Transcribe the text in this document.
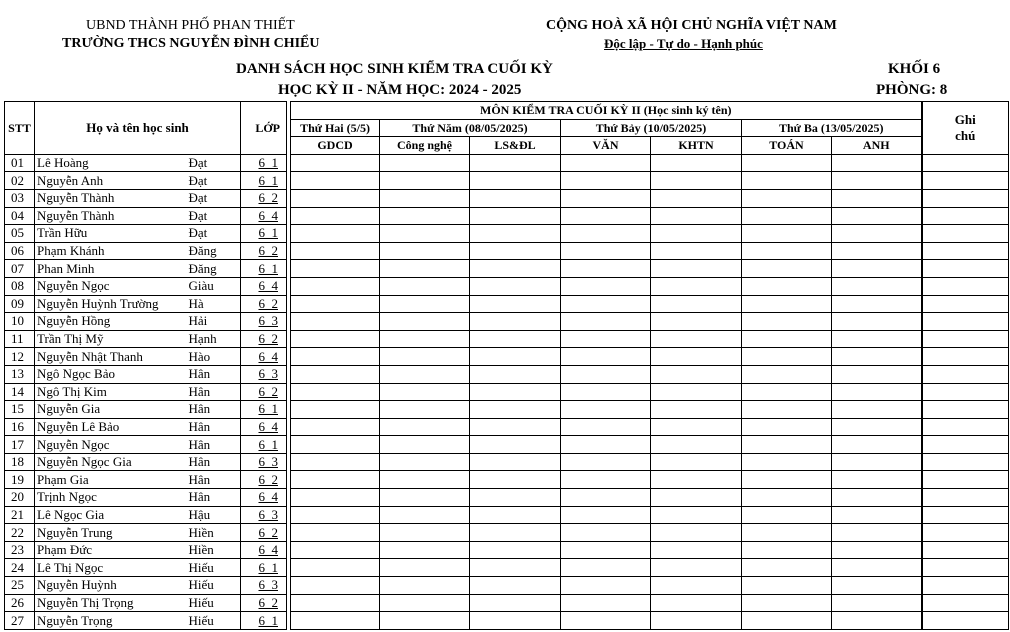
UBND THÀNH PHỐ PHAN THIẾT
TRƯỜNG THCS NGUYỄN ĐÌNH CHIỂU
CỘNG HOÀ XÃ HỘI CHỦ NGHĨA VIỆT NAM
Độc lập - Tự do - Hạnh phúc
DANH SÁCH HỌC SINH KIỂM TRA CUỐI KỲ
HỌC KỲ II - NĂM HỌC: 2024 - 2025
KHỐI 6
PHÒNG: 8
STT	Họ và tên học sinh		LỚP		MÔN KIỂM TRA CUỐI KỲ II (Học sinh ký tên)							Ghi
chú
					Thứ Hai (5/5)	Thứ Năm (08/05/2025)		Thứ Bảy (10/05/2025)		Thứ Ba (13/05/2025)		
					GDCD	Công nghệ	LS&ĐL	VĂN	KHTN	TOÁN	ANH	
01	Lê Hoàng	Đạt	6_1									
02	Nguyễn Anh	Đạt	6_1									
03	Nguyễn Thành	Đạt	6_2									
04	Nguyễn Thành	Đạt	6_4									
05	Trần Hữu	Đạt	6_1									
06	Phạm Khánh	Đăng	6_2									
07	Phan Minh	Đăng	6_1									
08	Nguyễn Ngọc	Giàu	6_4									
09	Nguyễn Huỳnh Trường	Hà	6_2									
10	Nguyễn Hồng	Hải	6_3									
11	Trần Thị Mỹ	Hạnh	6_2									
12	Nguyễn Nhật Thanh	Hào	6_4									
13	Ngô Ngọc Bảo	Hân	6_3									
14	Ngô Thị Kim	Hân	6_2									
15	Nguyễn Gia	Hân	6_1									
16	Nguyễn Lê Bảo	Hân	6_4									
17	Nguyễn Ngọc	Hân	6_1									
18	Nguyễn Ngọc Gia	Hân	6_3									
19	Phạm Gia	Hân	6_2									
20	Trịnh Ngọc	Hân	6_4									
21	Lê Ngọc Gia	Hậu	6_3									
22	Nguyễn Trung	Hiền	6_2									
23	Phạm Đức	Hiền	6_4									
24	Lê Thị Ngọc	Hiếu	6_1									
25	Nguyễn Huỳnh	Hiếu	6_3									
26	Nguyễn Thị Trọng	Hiếu	6_2									
27	Nguyễn Trọng	Hiếu	6_1									
